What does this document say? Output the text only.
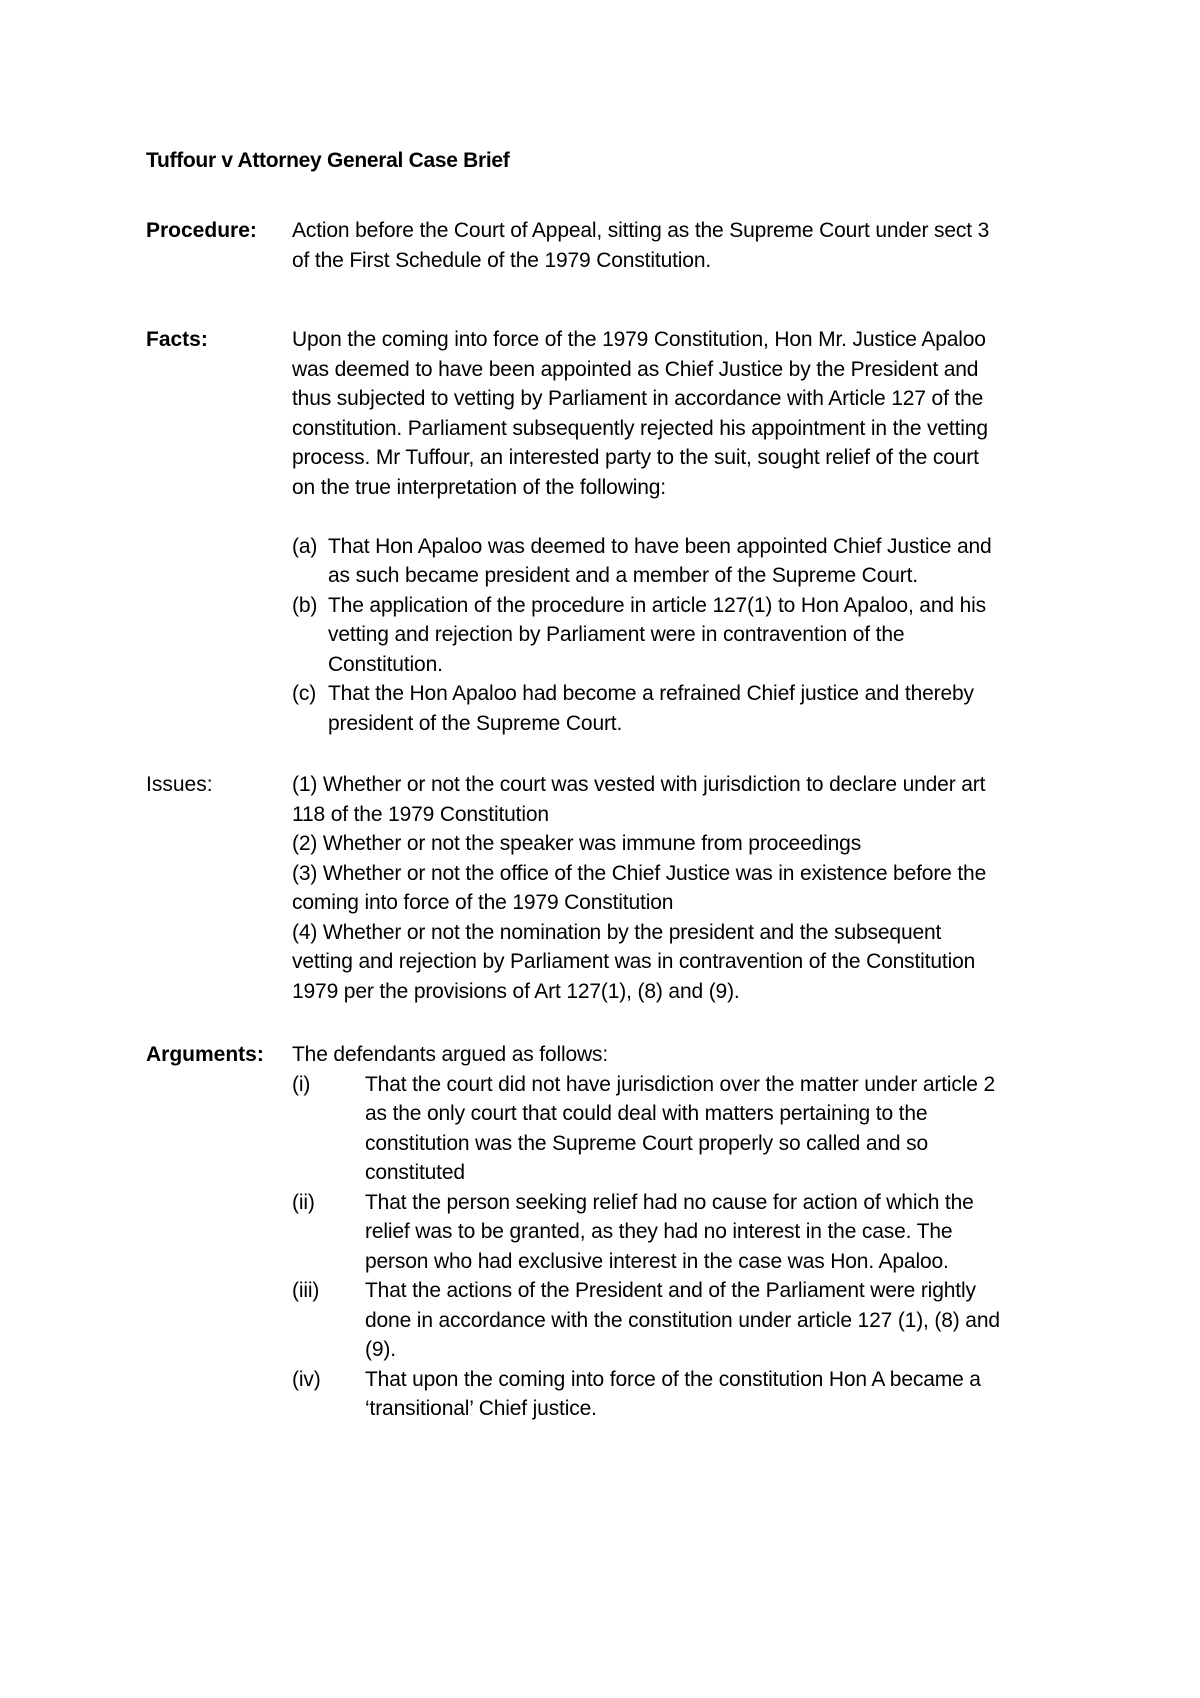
Tuffour v Attorney General Case Brief
Procedure: Action before the Court of Appeal, sitting as the Supreme Court under sect 3

of the First Schedule of the 1979 Constitution.

Facts:	Upon the coming into force of the 1979 Constitution, Hon Mr. Justice Apaloo

was deemed to have been appointed as Chief Justice by the President and

thus subjected to vetting by Parliament in accordance with Article 127 of the

constitution. Parliament subsequently rejected his appointment in the vetting

process. Mr Tuffour, an interested party to the suit, sought relief of the court

on the true interpretation of the following:

(a) That Hon Apaloo was deemed to have been appointed Chief Justice and

as such became president and a member of the Supreme Court.

(b) The application of the procedure in article 127(1) to Hon Apaloo, and his

vetting and rejection by Parliament were in contravention of the

Constitution.

(c) That the Hon Apaloo had become a refrained Chief justice and thereby

president of the Supreme Court.

Issues:	(1) Whether or not the court was vested with jurisdiction to declare under art

118 of the 1979 Constitution

(2) Whether or not the speaker was immune from proceedings

(3) Whether or not the office of the Chief Justice was in existence before the

coming into force of the 1979 Constitution

(4) Whether or not the nomination by the president and the subsequent

vetting and rejection by Parliament was in contravention of the Constitution

1979 per the provisions of Art 127(1), (8) and (9).

Arguments: The defendants argued as follows:

(i)	That the court did not have jurisdiction over the matter under article 2

as the only court that could deal with matters pertaining to the

constitution was the Supreme Court properly so called and so

constituted

(ii) That the person seeking relief had no cause for action of which the

relief was to be granted, as they had no interest in the case. The

person who had exclusive interest in the case was Hon. Apaloo.

(iii) That the actions of the President and of the Parliament were rightly

done in accordance with the constitution under article 127 (1), (8) and

(9).

(iv) That upon the coming into force of the constitution Hon A became a

‘transitional’ Chief justice.
